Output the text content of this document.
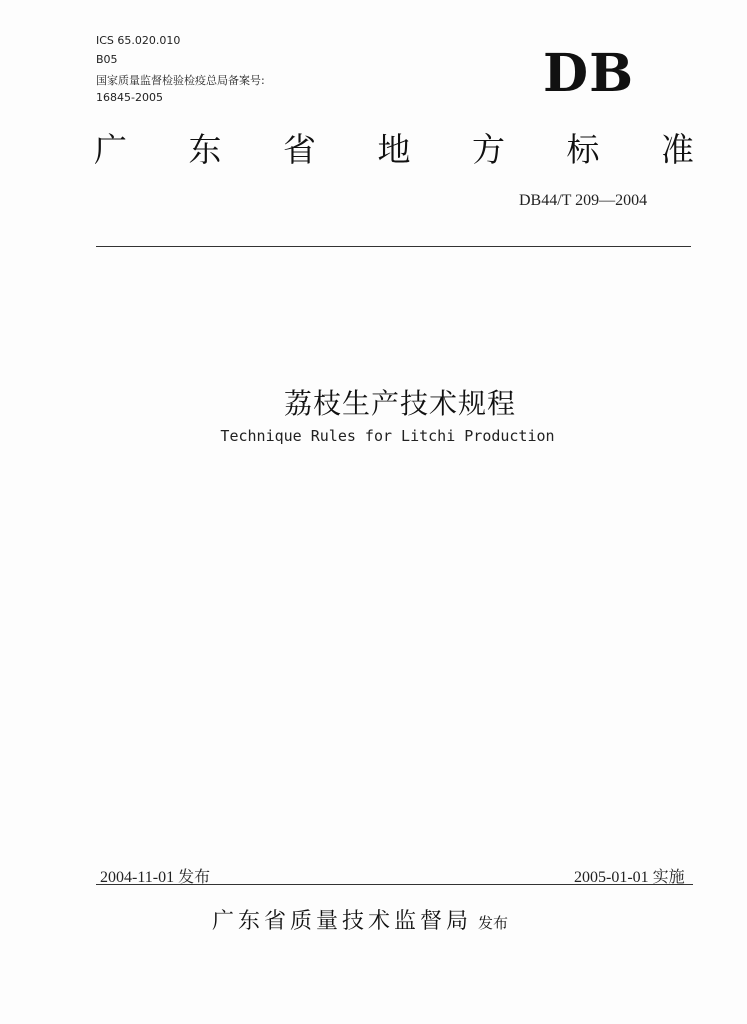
ICS 65.020.010
B05
国家质量监督检验检疫总局备案号:
16845-2005	DB
广 东 省 地 方 标 准
DB44/T 209—2004
荔枝生产技术规程
Technique Rules for Litchi Production
2004-11-01 发布	2005-01-01 实施
广东省质量技术监督局 发布
